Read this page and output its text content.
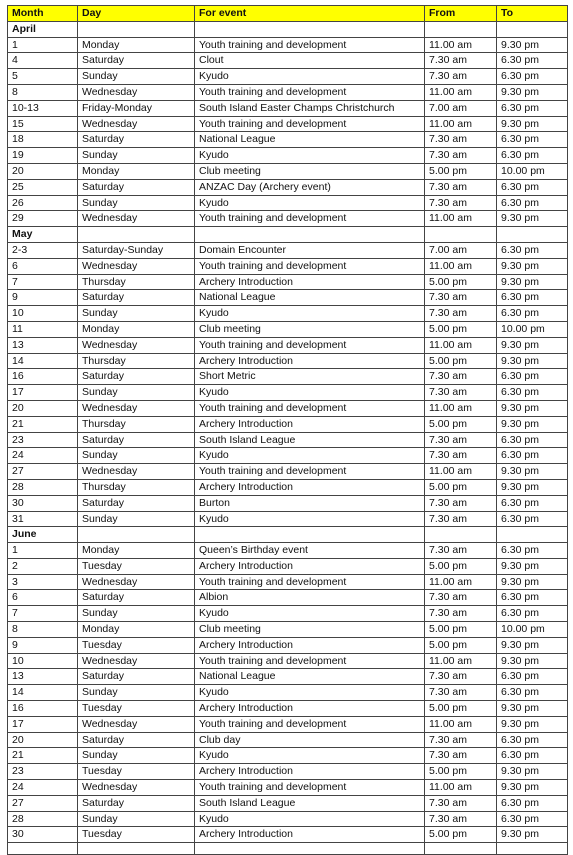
Month	Day	For event	From	To
April				
1	Monday	Youth training and development	11.00 am	9.30 pm
4	Saturday	Clout	7.30 am	6.30 pm
5	Sunday	Kyudo	7.30 am	6.30 pm
8	Wednesday	Youth training and development	11.00 am	9.30 pm
10-13	Friday-Monday	South Island Easter Champs Christchurch	7.00 am	6.30 pm
15	Wednesday	Youth training and development	11.00 am	9.30 pm
18	Saturday	National League	7.30 am	6.30 pm
19	Sunday	Kyudo	7.30 am	6.30 pm
20	Monday	Club meeting	5.00 pm	10.00 pm
25	Saturday	ANZAC Day (Archery event)	7.30 am	6.30 pm
26	Sunday	Kyudo	7.30 am	6.30 pm
29	Wednesday	Youth training and development	11.00 am	9.30 pm
May				
2-3	Saturday-Sunday	Domain Encounter	7.00 am	6.30 pm
6	Wednesday	Youth training and development	11.00 am	9.30 pm
7	Thursday	Archery Introduction	5.00 pm	9.30 pm
9	Saturday	National League	7.30 am	6.30 pm
10	Sunday	Kyudo	7.30 am	6.30 pm
11	Monday	Club meeting	5.00 pm	10.00 pm
13	Wednesday	Youth training and development	11.00 am	9.30 pm
14	Thursday	Archery Introduction	5.00 pm	9.30 pm
16	Saturday	Short Metric	7.30 am	6.30 pm
17	Sunday	Kyudo	7.30 am	6.30 pm
20	Wednesday	Youth training and development	11.00 am	9.30 pm
21	Thursday	Archery Introduction	5.00 pm	9.30 pm
23	Saturday	South Island League	7.30 am	6.30 pm
24	Sunday	Kyudo	7.30 am	6.30 pm
27	Wednesday	Youth training and development	11.00 am	9.30 pm
28	Thursday	Archery Introduction	5.00 pm	9.30 pm
30	Saturday	Burton	7.30 am	6.30 pm
31	Sunday	Kyudo	7.30 am	6.30 pm
June				
1	Monday	Queen’s Birthday event	7.30 am	6.30 pm
2	Tuesday	Archery Introduction	5.00 pm	9.30 pm
3	Wednesday	Youth training and development	11.00 am	9.30 pm
6	Saturday	Albion	7.30 am	6.30 pm
7	Sunday	Kyudo	7.30 am	6.30 pm
8	Monday	Club meeting	5.00 pm	10.00 pm
9	Tuesday	Archery Introduction	5.00 pm	9.30 pm
10	Wednesday	Youth training and development	11.00 am	9.30 pm
13	Saturday	National League	7.30 am	6.30 pm
14	Sunday	Kyudo	7.30 am	6.30 pm
16	Tuesday	Archery Introduction	5.00 pm	9.30 pm
17	Wednesday	Youth training and development	11.00 am	9.30 pm
20	Saturday	Club day	7.30 am	6.30 pm
21	Sunday	Kyudo	7.30 am	6.30 pm
23	Tuesday	Archery Introduction	5.00 pm	9.30 pm
24	Wednesday	Youth training and development	11.00 am	9.30 pm
27	Saturday	South Island League	7.30 am	6.30 pm
28	Sunday	Kyudo	7.30 am	6.30 pm
30	Tuesday	Archery Introduction	5.00 pm	9.30 pm
